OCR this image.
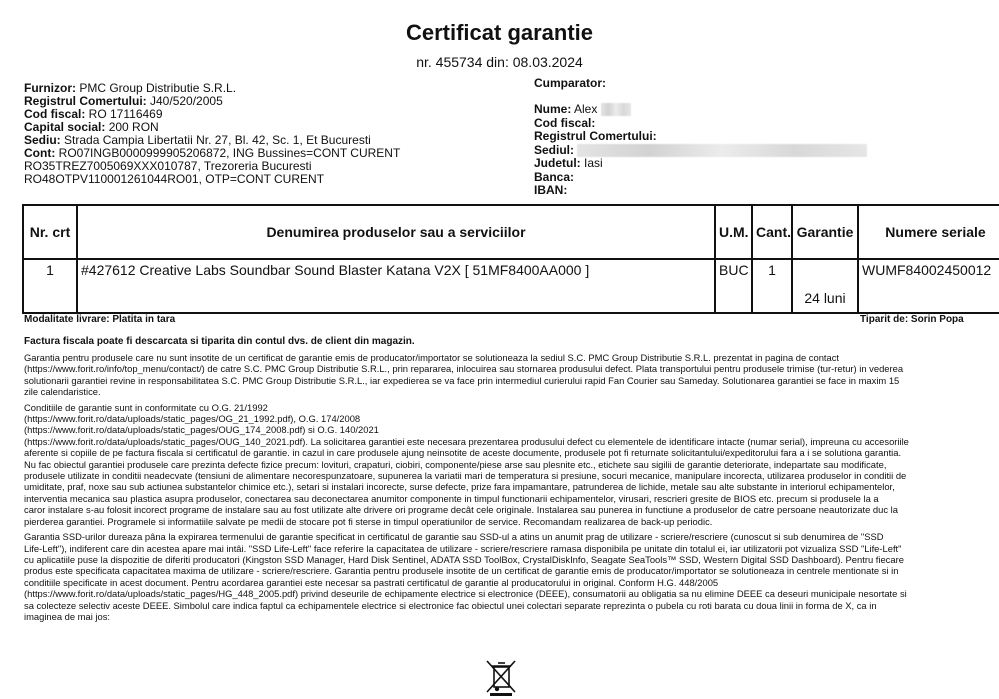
Certificat garantie
nr. 455734 din: 08.03.2024
Furnizor: PMC Group Distributie S.R.L.
Registrul Comertului: J40/520/2005
Cod fiscal: RO 17116469
Capital social: 200 RON
Sediu: Strada Campia Libertatii Nr. 27, Bl. 42, Sc. 1, Et Bucuresti
Cont: RO07INGB0000999905206872, ING Bussines=CONT CURENT
RO35TREZ7005069XXX010787, Trezoreria Bucuresti
RO48OTPV110001261044RO01, OTP=CONT CURENT
Cumparator:
Nume: Alex
Cod fiscal:
Registrul Comertului:
Sediul:
Judetul: Iasi
Banca:
IBAN:
Nr. crt	Denumirea produselor sau a serviciilor	U.M.	Cant.	Garantie	Numere seriale
1	#427612 Creative Labs Soundbar Sound Blaster Katana V2X [ 51MF8400AA000 ]	BUC	1	24 luni	WUMF84002450012
Modalitate livrare: Platita in tara	Tiparit de: Sorin Popa
Factura fiscala poate fi descarcata si tiparita din contul dvs. de client din magazin.

Garantia pentru produsele care nu sunt insotite de un certificat de garantie emis de producator/importator se solutioneaza la sediul S.C. PMC Group Distributie S.R.L. prezentat in pagina de contact
(https://www.forit.ro/info/top_menu/contact/) de catre S.C. PMC Group Distributie S.R.L., prin repararea, inlocuirea sau stornarea produsului defect. Plata transportului pentru produsele trimise (tur-retur) in vederea
solutionarii garantiei revine in responsabilitatea S.C. PMC Group Distributie S.R.L., iar expedierea se va face prin intermediul curierului rapid Fan Courier sau Sameday. Solutionarea garantiei se face in maxim 15
zile calendaristice.

Conditiile de garantie sunt in conformitate cu O.G. 21/1992
(https://www.forit.ro/data/uploads/static_pages/OG_21_1992.pdf), O.G. 174/2008
(https://www.forit.ro/data/uploads/static_pages/OUG_174_2008.pdf) si O.G. 140/2021
(https://www.forit.ro/data/uploads/static_pages/OUG_140_2021.pdf). La solicitarea garantiei este necesara prezentarea produsului defect cu elementele de identificare intacte (numar serial), impreuna cu accesoriile
aferente si copiile de pe factura fiscala si certificatul de garantie. in cazul in care produsele ajung neinsotite de aceste documente, produsele pot fi returnate solicitantului/expeditorului fara a i se solutiona garantia.
Nu fac obiectul garantiei produsele care prezinta defecte fizice precum: lovituri, crapaturi, ciobiri, componente/piese arse sau plesnite etc., etichete sau sigilii de garantie deteriorate, indepartate sau modificate,
produsele utilizate in conditii neadecvate (tensiuni de alimentare necorespunzatoare, supunerea la variatii mari de temperatura si presiune, socuri mecanice, manipulare incorecta, utilizarea produselor in conditii de
umiditate, praf, noxe sau sub actiunea substantelor chimice etc.), setari si instalari incorecte, surse defecte, prize fara impamantare, patrunderea de lichide, metale sau alte substante in interiorul echipamentelor,
interventia mecanica sau plastica asupra produselor, conectarea sau deconectarea anumitor componente in timpul functionarii echipamentelor, virusari, rescrieri gresite de BIOS etc. precum si produsele la a
caror instalare s-au folosit incorect programe de instalare sau au fost utilizate alte drivere ori programe decât cele originale. Instalarea sau punerea in functiune a produselor de catre persoane neautorizate duc la
pierderea garantiei. Programele si informatiile salvate pe medii de stocare pot fi sterse in timpul operatiunilor de service. Recomandam realizarea de back-up periodic.

Garantia SSD-urilor dureaza pâna la expirarea termenului de garantie specificat in certificatul de garantie sau SSD-ul a atins un anumit prag de utilizare - scriere/rescriere (cunoscut si sub denumirea de "SSD
Life-Left"), indiferent care din acestea apare mai intâi. "SSD Life-Left" face referire la capacitatea de utilizare - scriere/rescriere ramasa disponibila pe unitate din totalul ei, iar utilizatorii pot vizualiza SSD "Life-Left"
cu aplicatiile puse la dispozitie de diferiti producatori (Kingston SSD Manager, Hard Disk Sentinel, ADATA SSD ToolBox, CrystalDiskInfo, Seagate SeaTools™ SSD, Western Digital SSD Dashboard). Pentru fiecare
produs este specificata capacitatea maxima de utilizare - scriere/rescriere. Garantia pentru produsele insotite de un certificat de garantie emis de producator/importator se solutioneaza in centrele mentionate si in
conditiile specificate in acest document. Pentru acordarea garantiei este necesar sa pastrati certificatul de garantie al producatorului in original. Conform H.G. 448/2005
(https://www.forit.ro/data/uploads/static_pages/HG_448_2005.pdf) privind deseurile de echipamente electrice si electronice (DEEE), consumatorii au obligatia sa nu elimine DEEE ca deseuri municipale nesortate si
sa colecteze selectiv aceste DEEE. Simbolul care indica faptul ca echipamentele electrice si electronice fac obiectul unei colectari separate reprezinta o pubela cu roti barata cu doua linii in forma de X, ca in
imaginea de mai jos:
